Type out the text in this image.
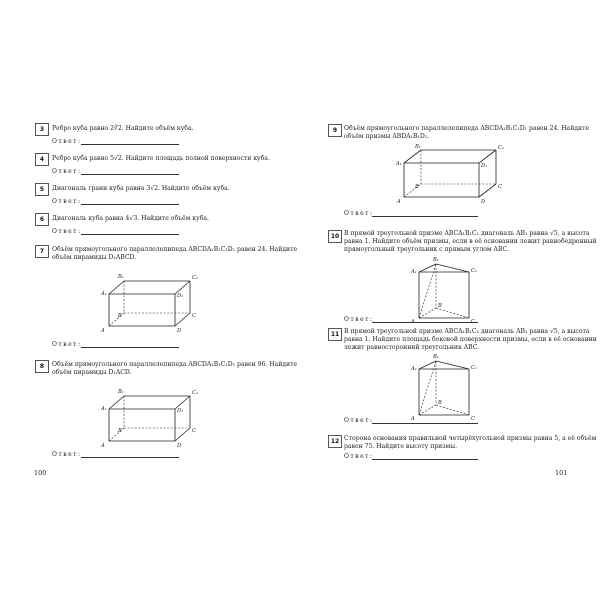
3	Ребро куба равно 2∛2. Найдите объём куба.
Ответ:
4	Ребро куба равно 5√2. Найдите площадь полной поверхности куба.
Ответ:
5	Диагональ грани куба равна 3√2. Найдите объём куба.
Ответ:
6	Диагональ куба равна 4√3. Найдите объём куба.
Ответ:
7	Объём прямоугольного параллелепипеда ABCDA₁B₁C₁D₁ равен 24. Найдите
объём пирамиды D₁ABCD.
A₁
B₁	C₁
D₁
A
B	C
D
Ответ:
8	Объём прямоугольного параллелепипеда ABCDA₁B₁C₁D₁ равен 96. Найдите
объём пирамиды D₁ACD.
A₁
B₁	C₁
D₁
A
B	C
D
Ответ:
100
9	Объём прямоугольного параллелепипеда ABCDA₁B₁C₁D₁ равен 24. Найдите
объём призмы ABDA₁B₁D₁.
A₁
B₁	C₁
D₁
A
B	C
D
Ответ:
10 В прямой треугольной призме ABCA₁B₁C₁ диагональ AB₁ равна √5, а высота
равна 1. Найдите объём призмы, если в её основании лежит равнобедренный
прямоугольный треугольник с прямым углом ABC.
A₁
B₁
C₁
A
B
C
Ответ:
11 В прямой треугольной призме ABCA₁B₁C₁ диагональ AB₁ равна √5, а высота
равна 1. Найдите площадь боковой поверхности призмы, если в её основании
лежит равносторонний треугольник ABC.
A₁
B₁
C₁
A
B
C
Ответ:
12 Сторона основания правильной четырёхугольной призмы равна 5, а её объём
равен 75. Найдите высоту призмы.
Ответ:
101
